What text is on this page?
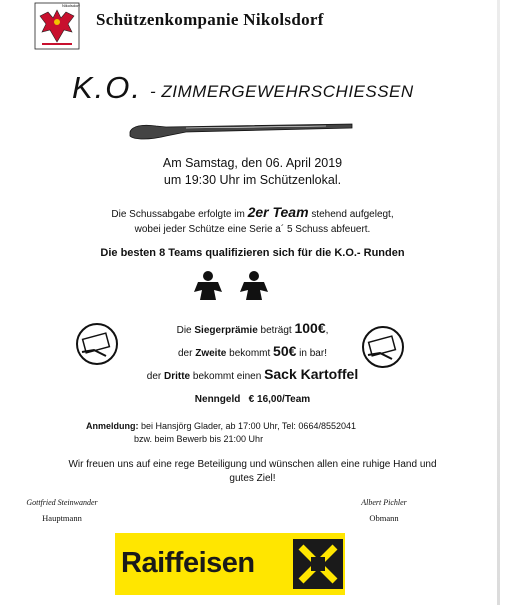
Nikolsdorf
Schützenkompanie Nikolsdorf
K.O. - ZIMMERGEWEHRSCHIESSEN
Am Samstag, den 06. April 2019
um 19:30 Uhr im Schützenlokal.
Die Schussabgabe erfolgte im 2er Team stehend aufgelegt,
wobei jeder Schütze eine Serie a´ 5 Schuss abfeuert.
Die besten 8 Teams qualifizieren sich für die K.O.- Runden
Die Siegerprämie beträgt 100€,
der Zweite bekommt 50€ in bar!
der Dritte bekommt einen Sack Kartoffel
Nenngeld   € 16,00/Team
Anmeldung: bei Hansjörg Glader, ab 17:00 Uhr, Tel: 0664/8552041
bzw. beim Bewerb bis 21:00 Uhr
Wir freuen uns auf eine rege Beteiligung und wünschen allen eine ruhige Hand und
gutes Ziel!
Gottfried Steinwander
Hauptmann
Albert Pichler
Obmann
Raiffeisen
